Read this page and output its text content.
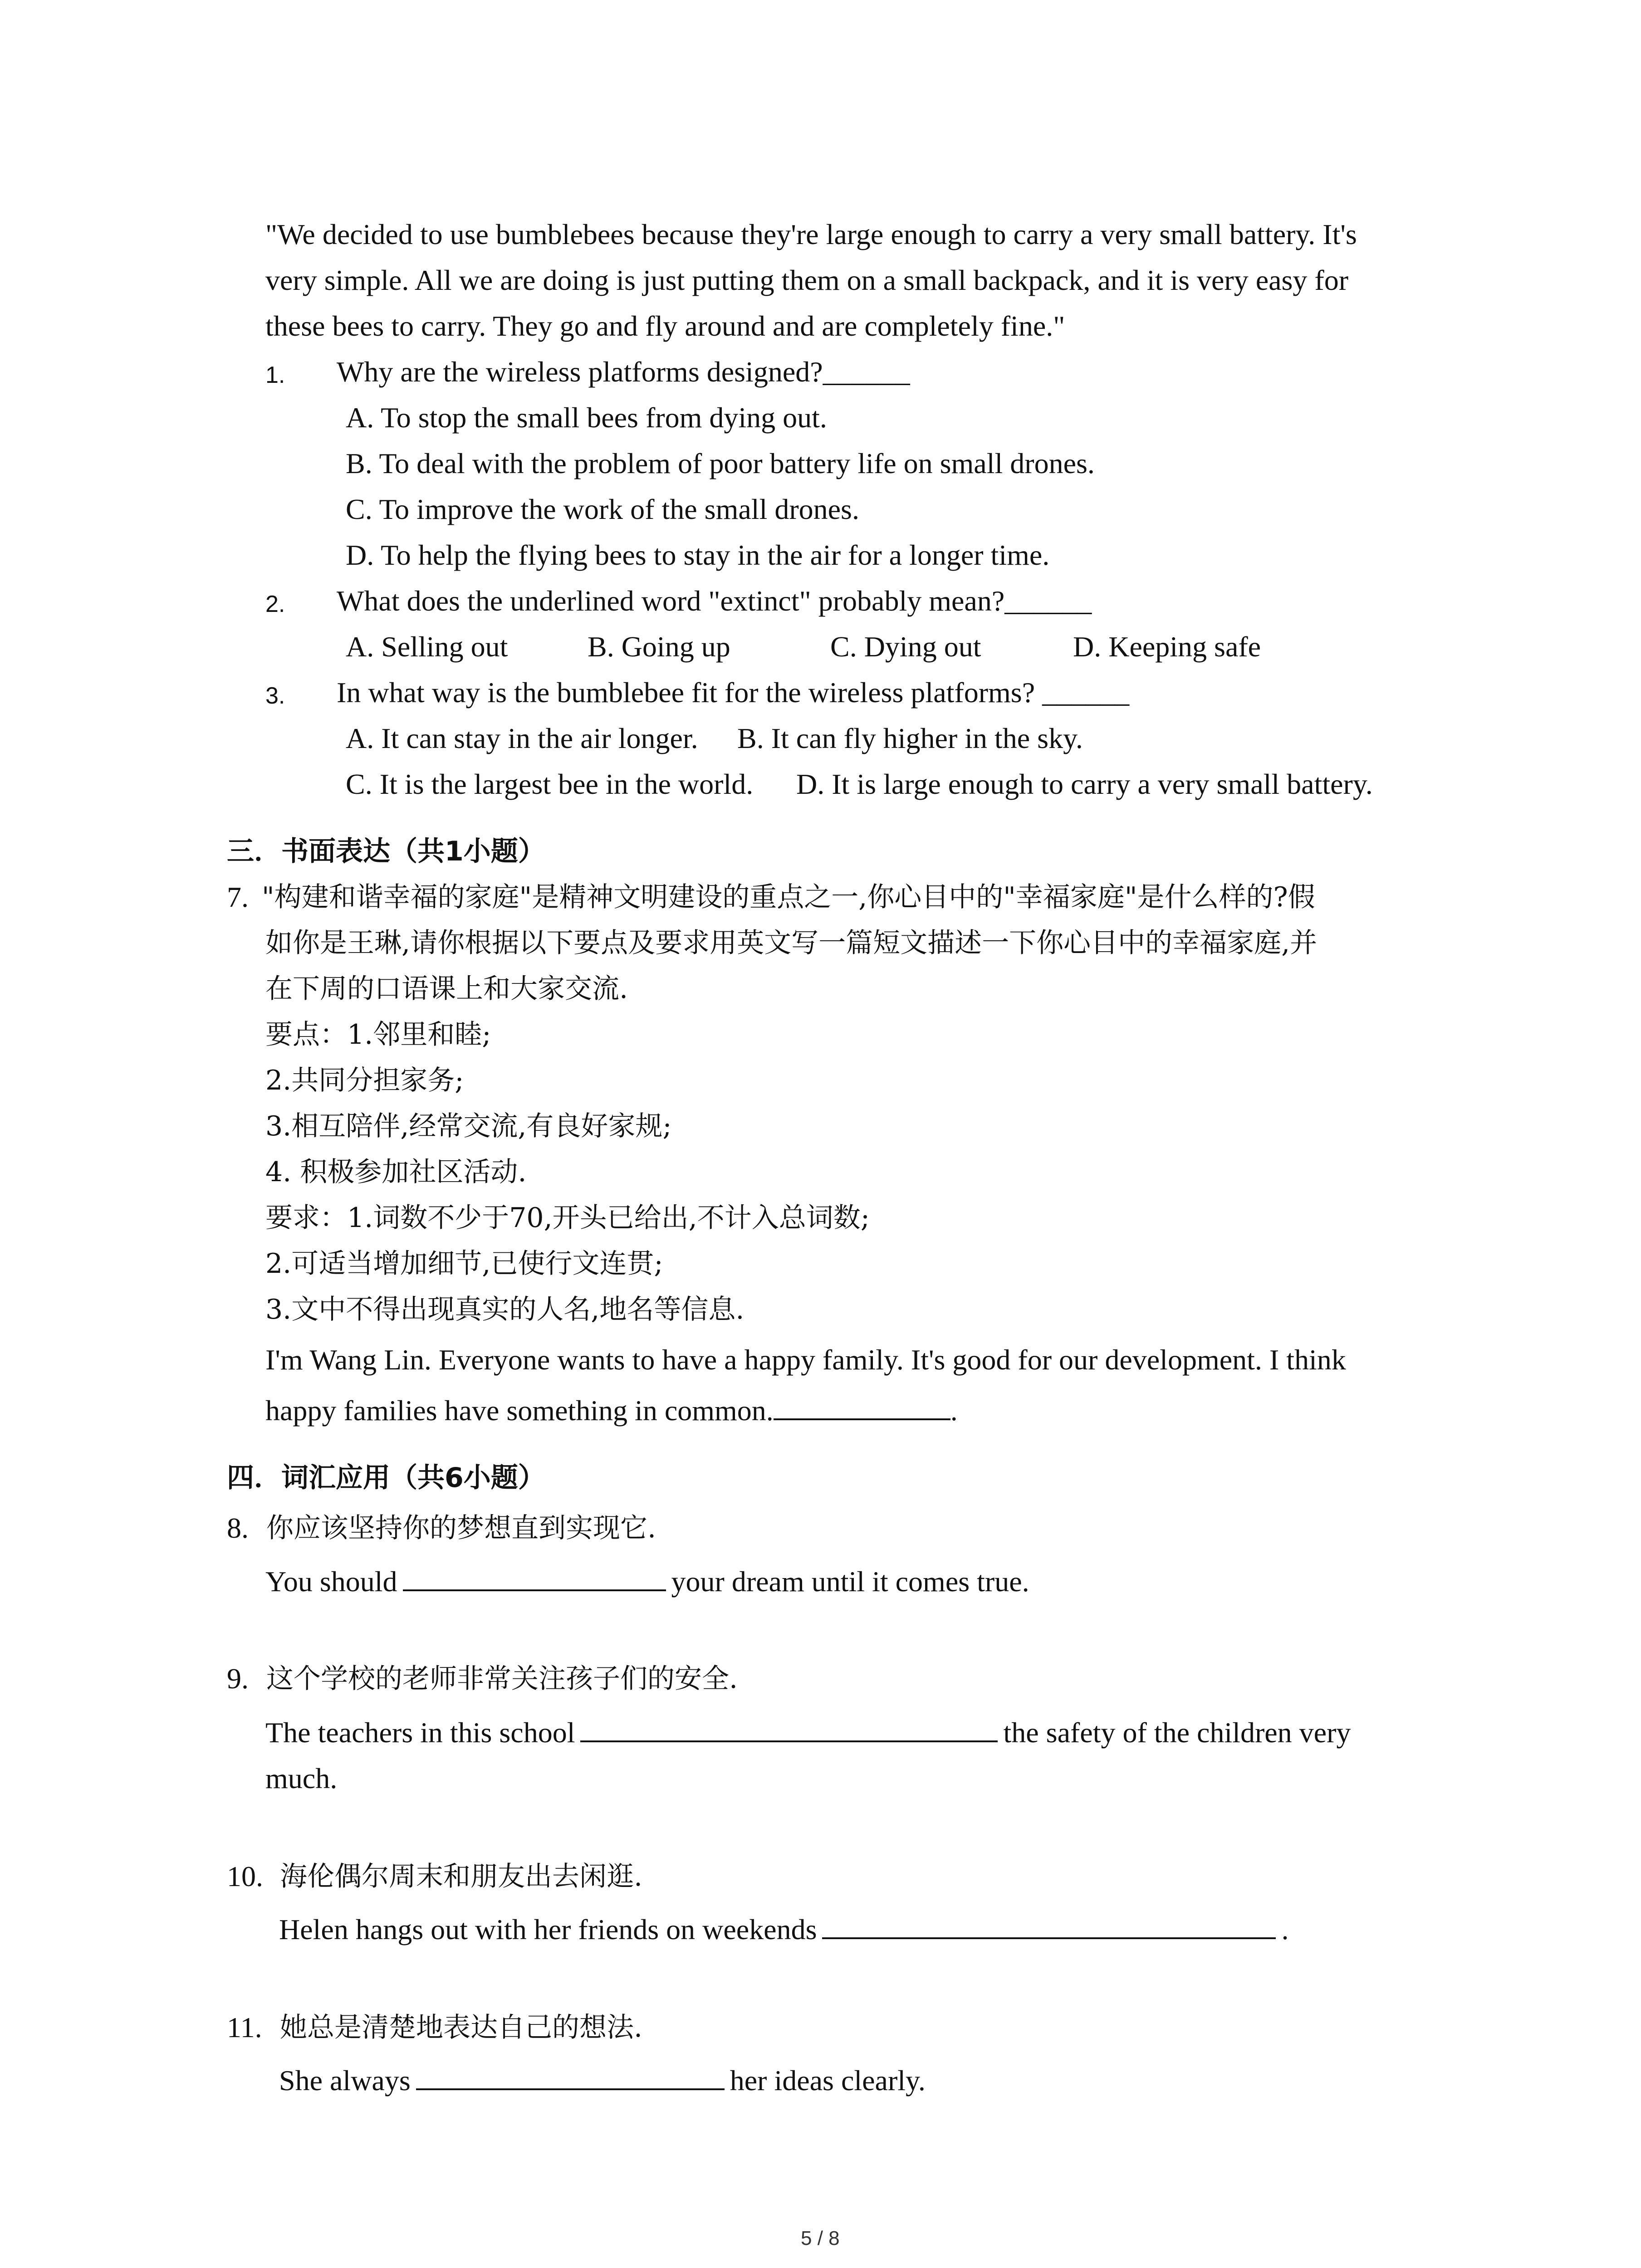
"We decided to use bumblebees because they're large enough to carry a very small battery. It's
very simple. All we are doing is just putting them on a small backpack, and it is very easy for
these bees to carry. They go and fly around and are completely fine."
1. Why are the wireless platforms designed?______
A. To stop the small bees from dying out.
B. To deal with the problem of poor battery life on small drones.
C. To improve the work of the small drones.
D. To help the flying bees to stay in the air for a longer time.
2. What does the underlined word "extinct" probably mean?______
A. Selling out	B. Going up	C. Dying out	D. Keeping safe
3. In what way is the bumblebee fit for the wireless platforms? ______
A. It can stay in the air longer. B. It can fly higher in the sky.
C. It is the largest bee in the world. D. It is large enough to carry a very small battery.
三．书面表达（共1小题）
7. "构建和谐幸福的家庭"是精神文明建设的重点之一,你心目中的"幸福家庭"是什么样的?假
如你是王琳,请你根据以下要点及要求用英文写一篇短文描述一下你心目中的幸福家庭,并
在下周的口语课上和大家交流.
要点：1.邻里和睦;
2.共同分担家务;
3.相互陪伴,经常交流,有良好家规;
4. 积极参加社区活动.
要求：1.词数不少于70,开头已给出,不计入总词数;
2.可适当增加细节,已使行文连贯;
3.文中不得出现真实的人名,地名等信息.
I'm Wang Lin. Everyone wants to have a happy family. It's good for our development. I think
happy families have something in common.	.
四．词汇应用（共6小题）
8. 你应该坚持你的梦想直到实现它.
You should	your dream until it comes true.
9. 这个学校的老师非常关注孩子们的安全.
The teachers in this school	the safety of the children very
much.
10. 海伦偶尔周末和朋友出去闲逛.
Helen hangs out with her friends on weekends	.
11. 她总是清楚地表达自己的想法.
She always	her ideas clearly.
5 / 8
